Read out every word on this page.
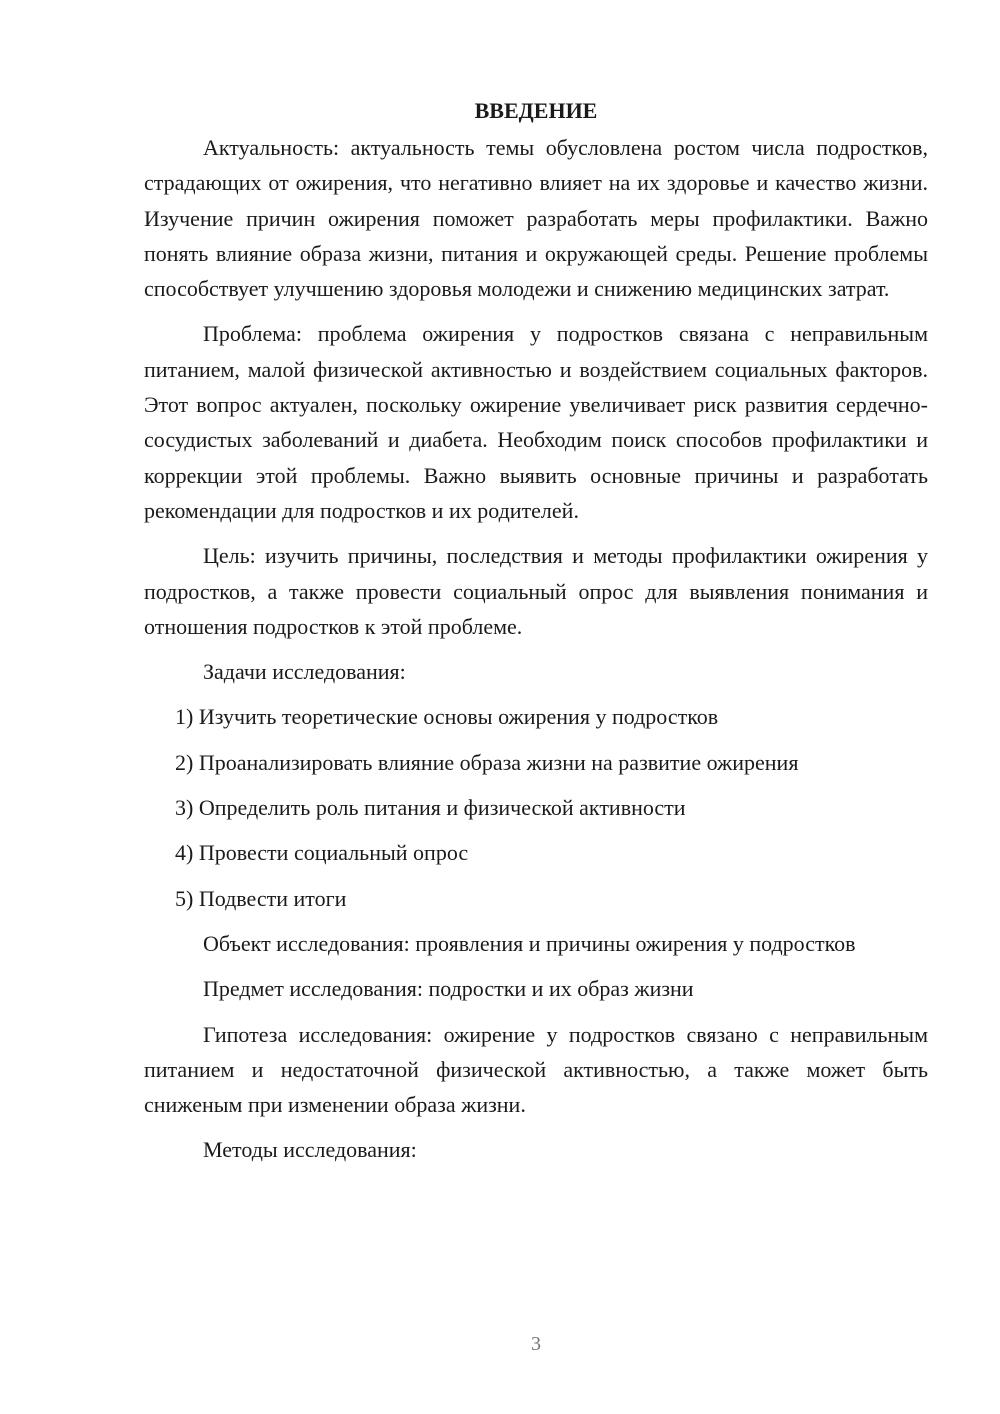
ВВЕДЕНИЕ

Актуальность: актуальность темы обусловлена ростом числа подростков, страдающих от ожирения, что негативно влияет на их здоровье и качество жизни. Изучение причин ожирения поможет разработать меры профилактики. Важно понять влияние образа жизни, питания и окружающей среды. Решение проблемы способствует улучшению здоровья молодежи и снижению медицинских затрат.

Проблема: проблема ожирения у подростков связана с неправильным питанием, малой физической активностью и воздействием социальных факторов. Этот вопрос актуален, поскольку ожирение увеличивает риск развития сердечно-сосудистых заболеваний и диабета. Необходим поиск способов профилактики и коррекции этой проблемы. Важно выявить основные причины и разработать рекомендации для подростков и их родителей.

Цель: изучить причины, последствия и методы профилактики ожирения у подростков, а также провести социальный опрос для выявления понимания и отношения подростков к этой проблеме.

Задачи исследования:

1) Изучить теоретические основы ожирения у подростков
2) Проанализировать влияние образа жизни на развитие ожирения
3) Определить роль питания и физической активности
4) Провести социальный опрос
5) Подвести итоги

Объект исследования: проявления и причины ожирения у подростков

Предмет исследования: подростки и их образ жизни

Гипотеза исследования: ожирение у подростков связано с неправильным питанием и недостаточной физической активностью, а также может быть сниженым при изменении образа жизни.

Методы исследования:

3
